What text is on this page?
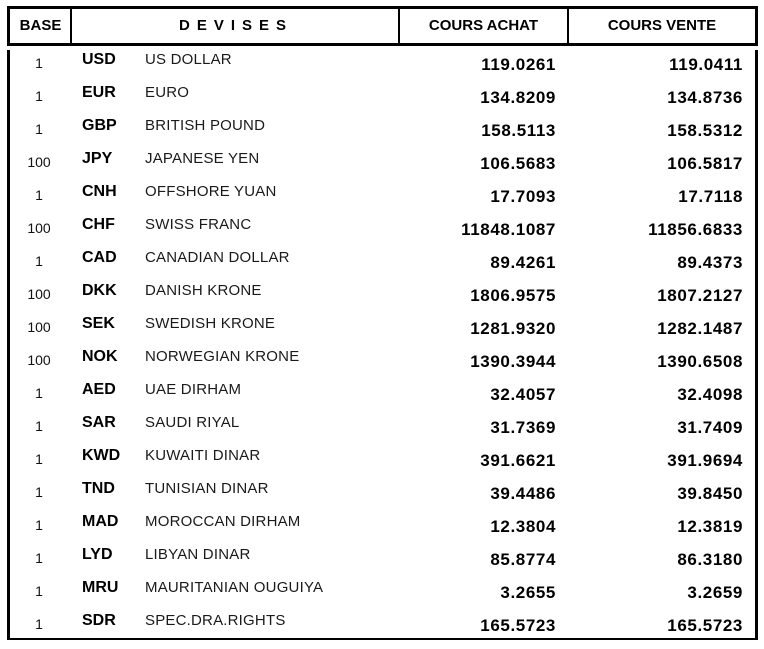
BASE	DEVISES	COURS ACHAT	COURS VENTE
1	USD	US DOLLAR	119.0261	119.0411
1	EUR	EURO	134.8209	134.8736
1	GBP	BRITISH POUND	158.5113	158.5312
100	JPY	JAPANESE YEN	106.5683	106.5817
1	CNH	OFFSHORE YUAN	17.7093	17.7118
100	CHF	SWISS FRANC	11848.1087	11856.6833
1	CAD	CANADIAN DOLLAR	89.4261	89.4373
100	DKK	DANISH KRONE	1806.9575	1807.2127
100	SEK	SWEDISH KRONE	1281.9320	1282.1487
100	NOK	NORWEGIAN KRONE	1390.3944	1390.6508
1	AED	UAE DIRHAM	32.4057	32.4098
1	SAR	SAUDI RIYAL	31.7369	31.7409
1	KWD	KUWAITI DINAR	391.6621	391.9694
1	TND	TUNISIAN DINAR	39.4486	39.8450
1	MAD	MOROCCAN DIRHAM	12.3804	12.3819
1	LYD	LIBYAN DINAR	85.8774	86.3180
1	MRU	MAURITANIAN OUGUIYA	3.2655	3.2659
1	SDR	SPEC.DRA.RIGHTS	165.5723	165.5723
